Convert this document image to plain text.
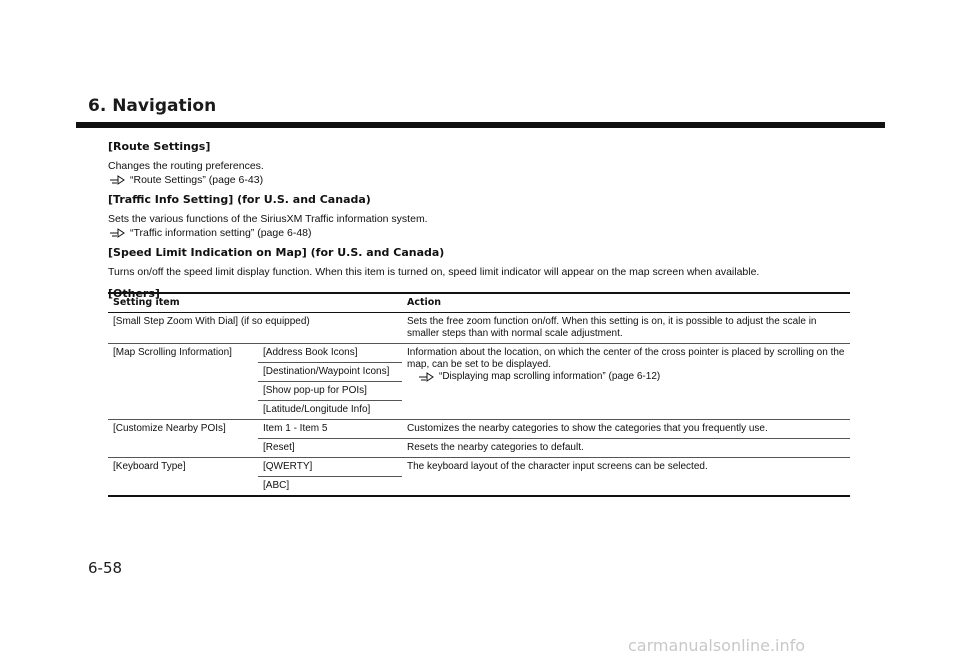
6. Navigation

[Route Settings]

Changes the routing preferences.

“Route Settings” (page 6-43)

[Traffic Info Setting] (for U.S. and Canada)

Sets the various functions of the SiriusXM Traffic information system.

“Traffic information setting” (page 6-48)

[Speed Limit Indication on Map] (for U.S. and Canada)

Turns on/off the speed limit display function. When this item is turned on, speed limit indicator will appear on the map screen when available.

[Others]

Setting item		Action
[Small Step Zoom With Dial] (if so equipped)		Sets the free zoom function on/off. When this setting is on, it is possible to adjust the scale in smaller steps than with normal scale adjustment.
[Map Scrolling Information]	[Address Book Icons]	Information about the location, on which the center of the cross pointer is placed by scrolling on the map, can be set to be displayed.
“Displaying map scrolling information” (page 6-12)

	[Destination/Waypoint Icons]	
	[Show pop-up for POIs]	
	[Latitude/Longitude Info]	
[Customize Nearby POIs]	Item 1 - Item 5	Customizes the nearby categories to show the categories that you frequently use.
	[Reset]	Resets the nearby categories to default.
[Keyboard Type]	[QWERTY]	The keyboard layout of the character input screens can be selected.
	[ABC]	
6-58
carmanualsonline.info
